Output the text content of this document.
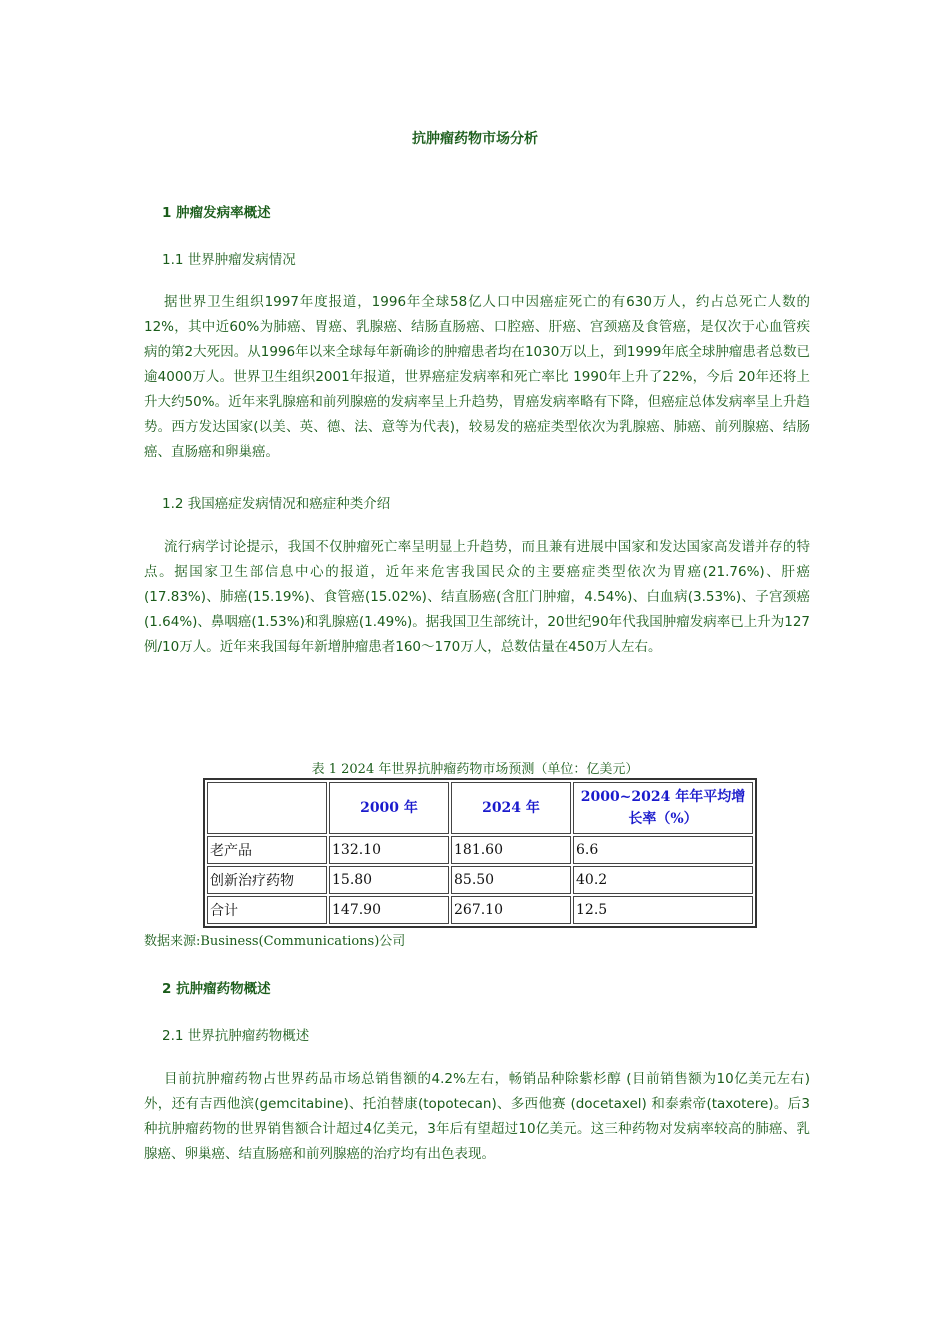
抗肿瘤药物市场分析
1 肿瘤发病率概述
1.1 世界肿瘤发病情况

据世界卫生组织1997年度报道，1996年全球58亿人口中因癌症死亡的有630万人，约占总死亡人数的12%，其中近60%为肺癌、胃癌、乳腺癌、结肠直肠癌、口腔癌、肝癌、宫颈癌及食管癌，是仅次于心血管疾病的第2大死因。从1996年以来全球每年新确诊的肿瘤患者均在1030万以上，到1999年底全球肿瘤患者总数已逾4000万人。世界卫生组织2001年报道，世界癌症发病率和死亡率比 1990年上升了22%，今后 20年还将上升大约50%。近年来乳腺癌和前列腺癌的发病率呈上升趋势，胃癌发病率略有下降，但癌症总体发病率呈上升趋势。西方发达国家(以美、英、德、法、意等为代表)，较易发的癌症类型依次为乳腺癌、肺癌、前列腺癌、结肠癌、直肠癌和卵巢癌。

1.2 我国癌症发病情况和癌症种类介绍

流行病学讨论提示，我国不仅肿瘤死亡率呈明显上升趋势，而且兼有进展中国家和发达国家高发谱并存的特点。据国家卫生部信息中心的报道，近年来危害我国民众的主要癌症类型依次为胃癌(21.76%)、肝癌(17.83%)、肺癌(15.19%)、食管癌(15.02%)、结直肠癌(含肛门肿瘤，4.54%)、白血病(3.53%)、子宫颈癌(1.64%)、鼻咽癌(1.53%)和乳腺癌(1.49%)。据我国卫生部统计，20世纪90年代我国肿瘤发病率已上升为127例/10万人。近年来我国每年新增肿瘤患者160～170万人，总数估量在450万人左右。

表 1 2024 年世界抗肿瘤药物市场预测（单位：亿美元）
	2000 年	2024 年	2000~2024 年年平均增长率（%）
老产品	132.10	181.60	6.6
创新治疗药物	15.80	85.50	40.2
合计	147.90	267.10	12.5
数据来源:Business(Communications)公司
2 抗肿瘤药物概述
2.1 世界抗肿瘤药物概述

目前抗肿瘤药物占世界药品市场总销售额的4.2%左右，畅销品种除紫杉醇 (目前销售额为10亿美元左右)外，还有吉西他滨(gemcitabine)、托泊替康(topotecan)、多西他赛 (docetaxel) 和泰索帝(taxotere)。后3种抗肿瘤药物的世界销售额合计超过4亿美元，3年后有望超过10亿美元。这三种药物对发病率较高的肺癌、乳腺癌、卵巢癌、结直肠癌和前列腺癌的治疗均有出色表现。
